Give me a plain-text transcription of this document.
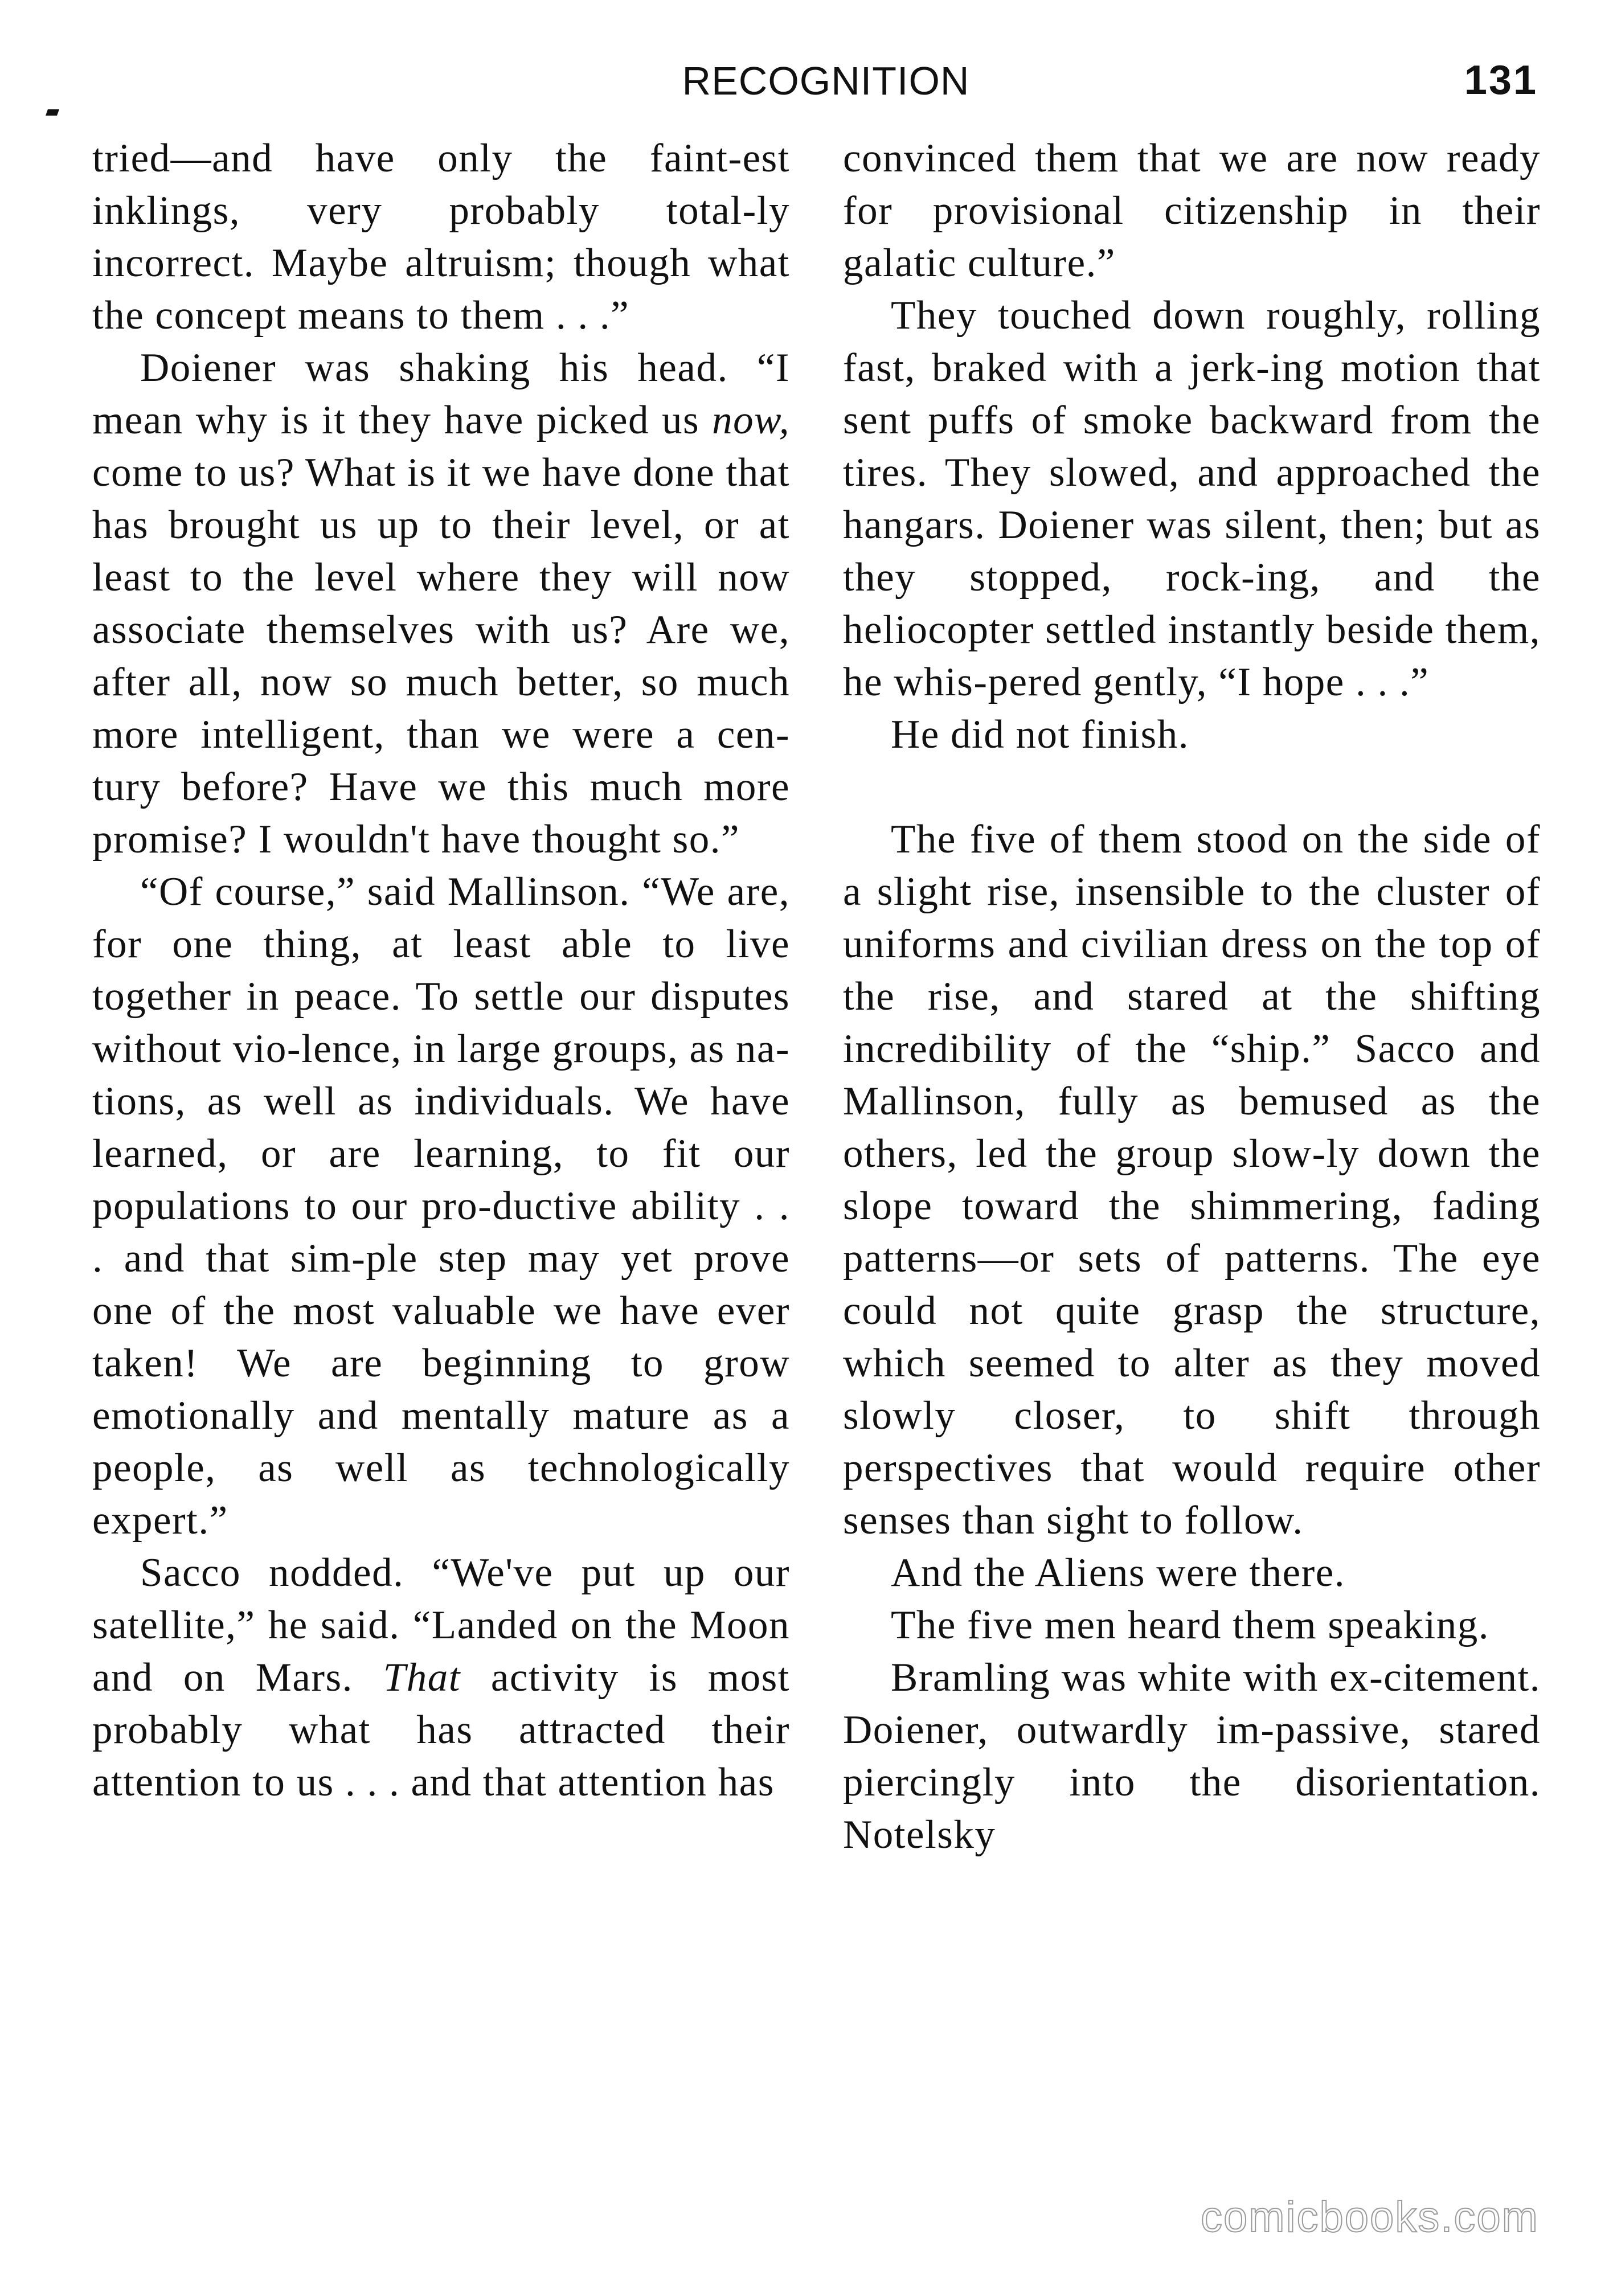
RECOGNITION	131

tried—and have only the faint-est inklings, very probably total-ly incorrect. Maybe altruism; though what the concept means to them . . .”

Doiener was shaking his head. “I mean why is it they have picked us now, come to us? What is it we have done that has brought us up to their level, or at least to the level where they will now associate themselves with us? Are we, after all, now so much better, so much more intelligent, than we were a cen-tury before? Have we this much more promise? I wouldn't have thought so.”

“Of course,” said Mallinson. “We are, for one thing, at least able to live together in peace. To settle our disputes without vio-lence, in large groups, as na-tions, as well as individuals. We have learned, or are learning, to fit our populations to our pro-ductive ability . . . and that sim-ple step may yet prove one of the most valuable we have ever taken! We are beginning to grow emotionally and mentally mature as a people, as well as technologically expert.”

Sacco nodded. “We've put up our satellite,” he said. “Landed on the Moon and on Mars. That activity is most probably what has attracted their attention to us . . . and that attention has

convinced them that we are now ready for provisional citizenship in their galatic culture.”

They touched down roughly, rolling fast, braked with a jerk-ing motion that sent puffs of smoke backward from the tires. They slowed, and approached the hangars. Doiener was silent, then; but as they stopped, rock-ing, and the heliocopter settled instantly beside them, he whis-pered gently, “I hope . . .”

He did not finish.

The five of them stood on the side of a slight rise, insensible to the cluster of uniforms and civilian dress on the top of the rise, and stared at the shifting incredibility of the “ship.” Sacco and Mallinson, fully as bemused as the others, led the group slow-ly down the slope toward the shimmering, fading patterns—or sets of patterns. The eye could not quite grasp the structure, which seemed to alter as they moved slowly closer, to shift through perspectives that would require other senses than sight to follow.

And the Aliens were there.

The five men heard them speaking.

Bramling was white with ex-citement. Doiener, outwardly im-passive, stared piercingly into the disorientation. Notelsky

comicbooks.com
